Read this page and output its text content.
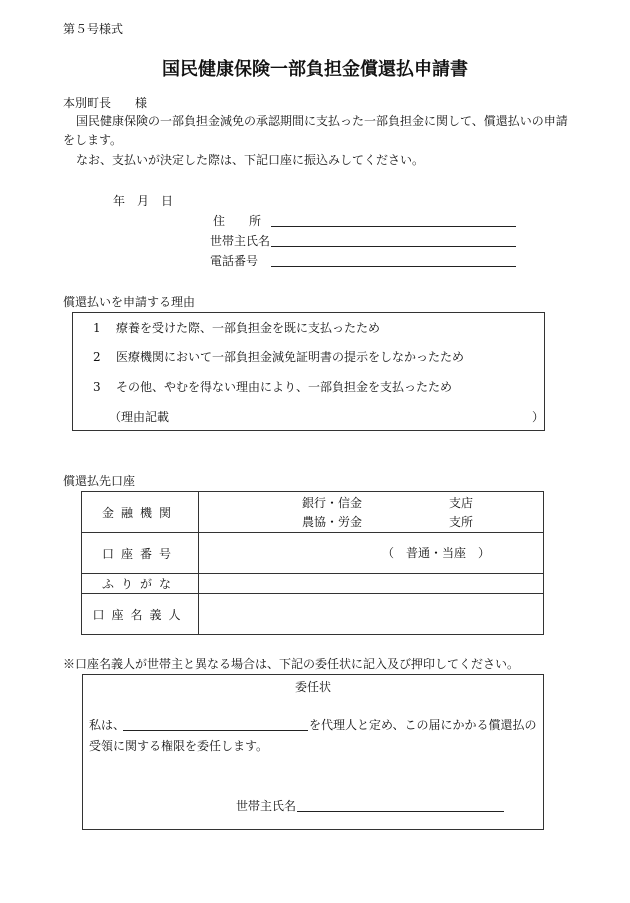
第５号様式
国民健康保険一部負担金償還払申請書
本別町長　　様
国民健康保険の一部負担金減免の承認期間に支払った一部負担金に関して、償還払いの申請
をします。
なお、支払いが決定した際は、下記口座に振込みしてください。
年　月　日
住　　所
世帯主氏名
電話番号
償還払いを申請する理由
1 療養を受けた際、一部負担金を既に支払ったため
2 医療機関において一部負担金減免証明書の提示をしなかったため
3 その他、やむを得ない理由により、一部負担金を支払ったため
（理由記載	）
償還払先口座
金融機関	銀行・信金 支店
農協・労金 支所

口座番号	（　普通・当座　）

ふりがな	
口座名義人	
※口座名義人が世帯主と異なる場合は、下記の委任状に記入及び押印してください。
委任状
私は、	を代理人と定め、この届にかかる償還払の
受領に関する権限を委任します。
世帯主氏名
